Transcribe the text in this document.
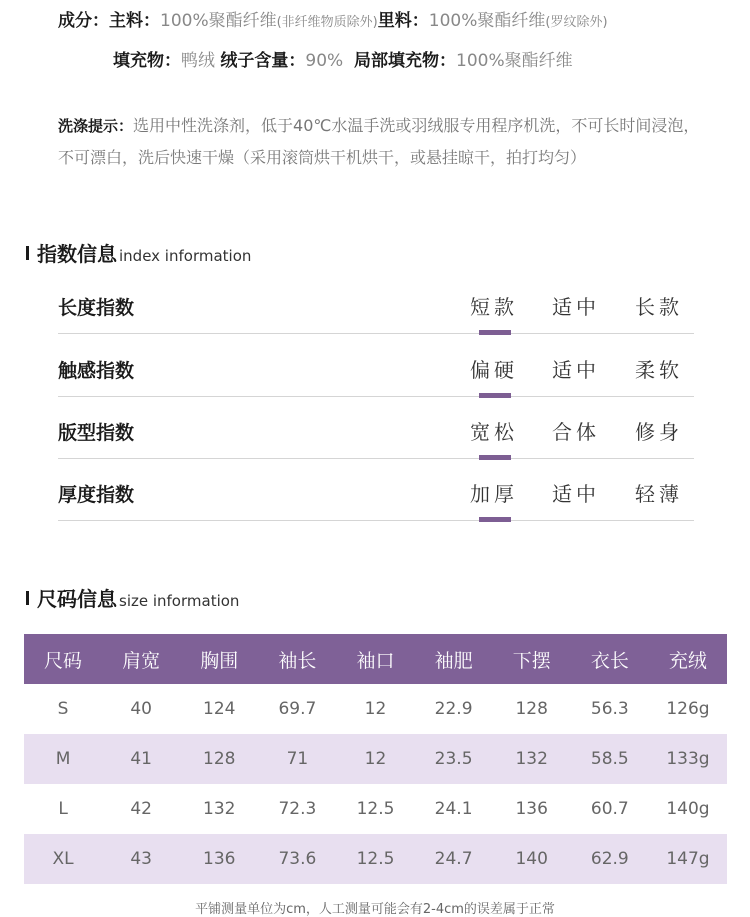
成分：主料：100%聚酯纤维(非纤维物质除外)里料：100%聚酯纤维(罗纹除外)
填充物：鸭绒 绒子含量：90% 局部填充物：100%聚酯纤维
洗涤提示：选用中性洗涤剂，低于40℃水温手洗或羽绒服专用程序机洗，不可长时间浸泡，不可漂白，洗后快速干燥（采用滚筒烘干机烘干，或悬挂晾干，拍打均匀）
指数信息 index information
长度指数	短款 适中 长款
触感指数	偏硬 适中 柔软
版型指数	宽松 合体 修身
厚度指数	加厚 适中 轻薄
尺码信息 size information
尺码	肩宽	胸围	袖长	袖口	袖肥	下摆	衣长	充绒
S	40	124	69.7	12	22.9	128	56.3	126g
M	41	128	71	12	23.5	132	58.5	133g
L	42	132	72.3	12.5	24.1	136	60.7	140g
XL	43	136	73.6	12.5	24.7	140	62.9	147g
平铺测量单位为cm，人工测量可能会有2-4cm的误差属于正常
